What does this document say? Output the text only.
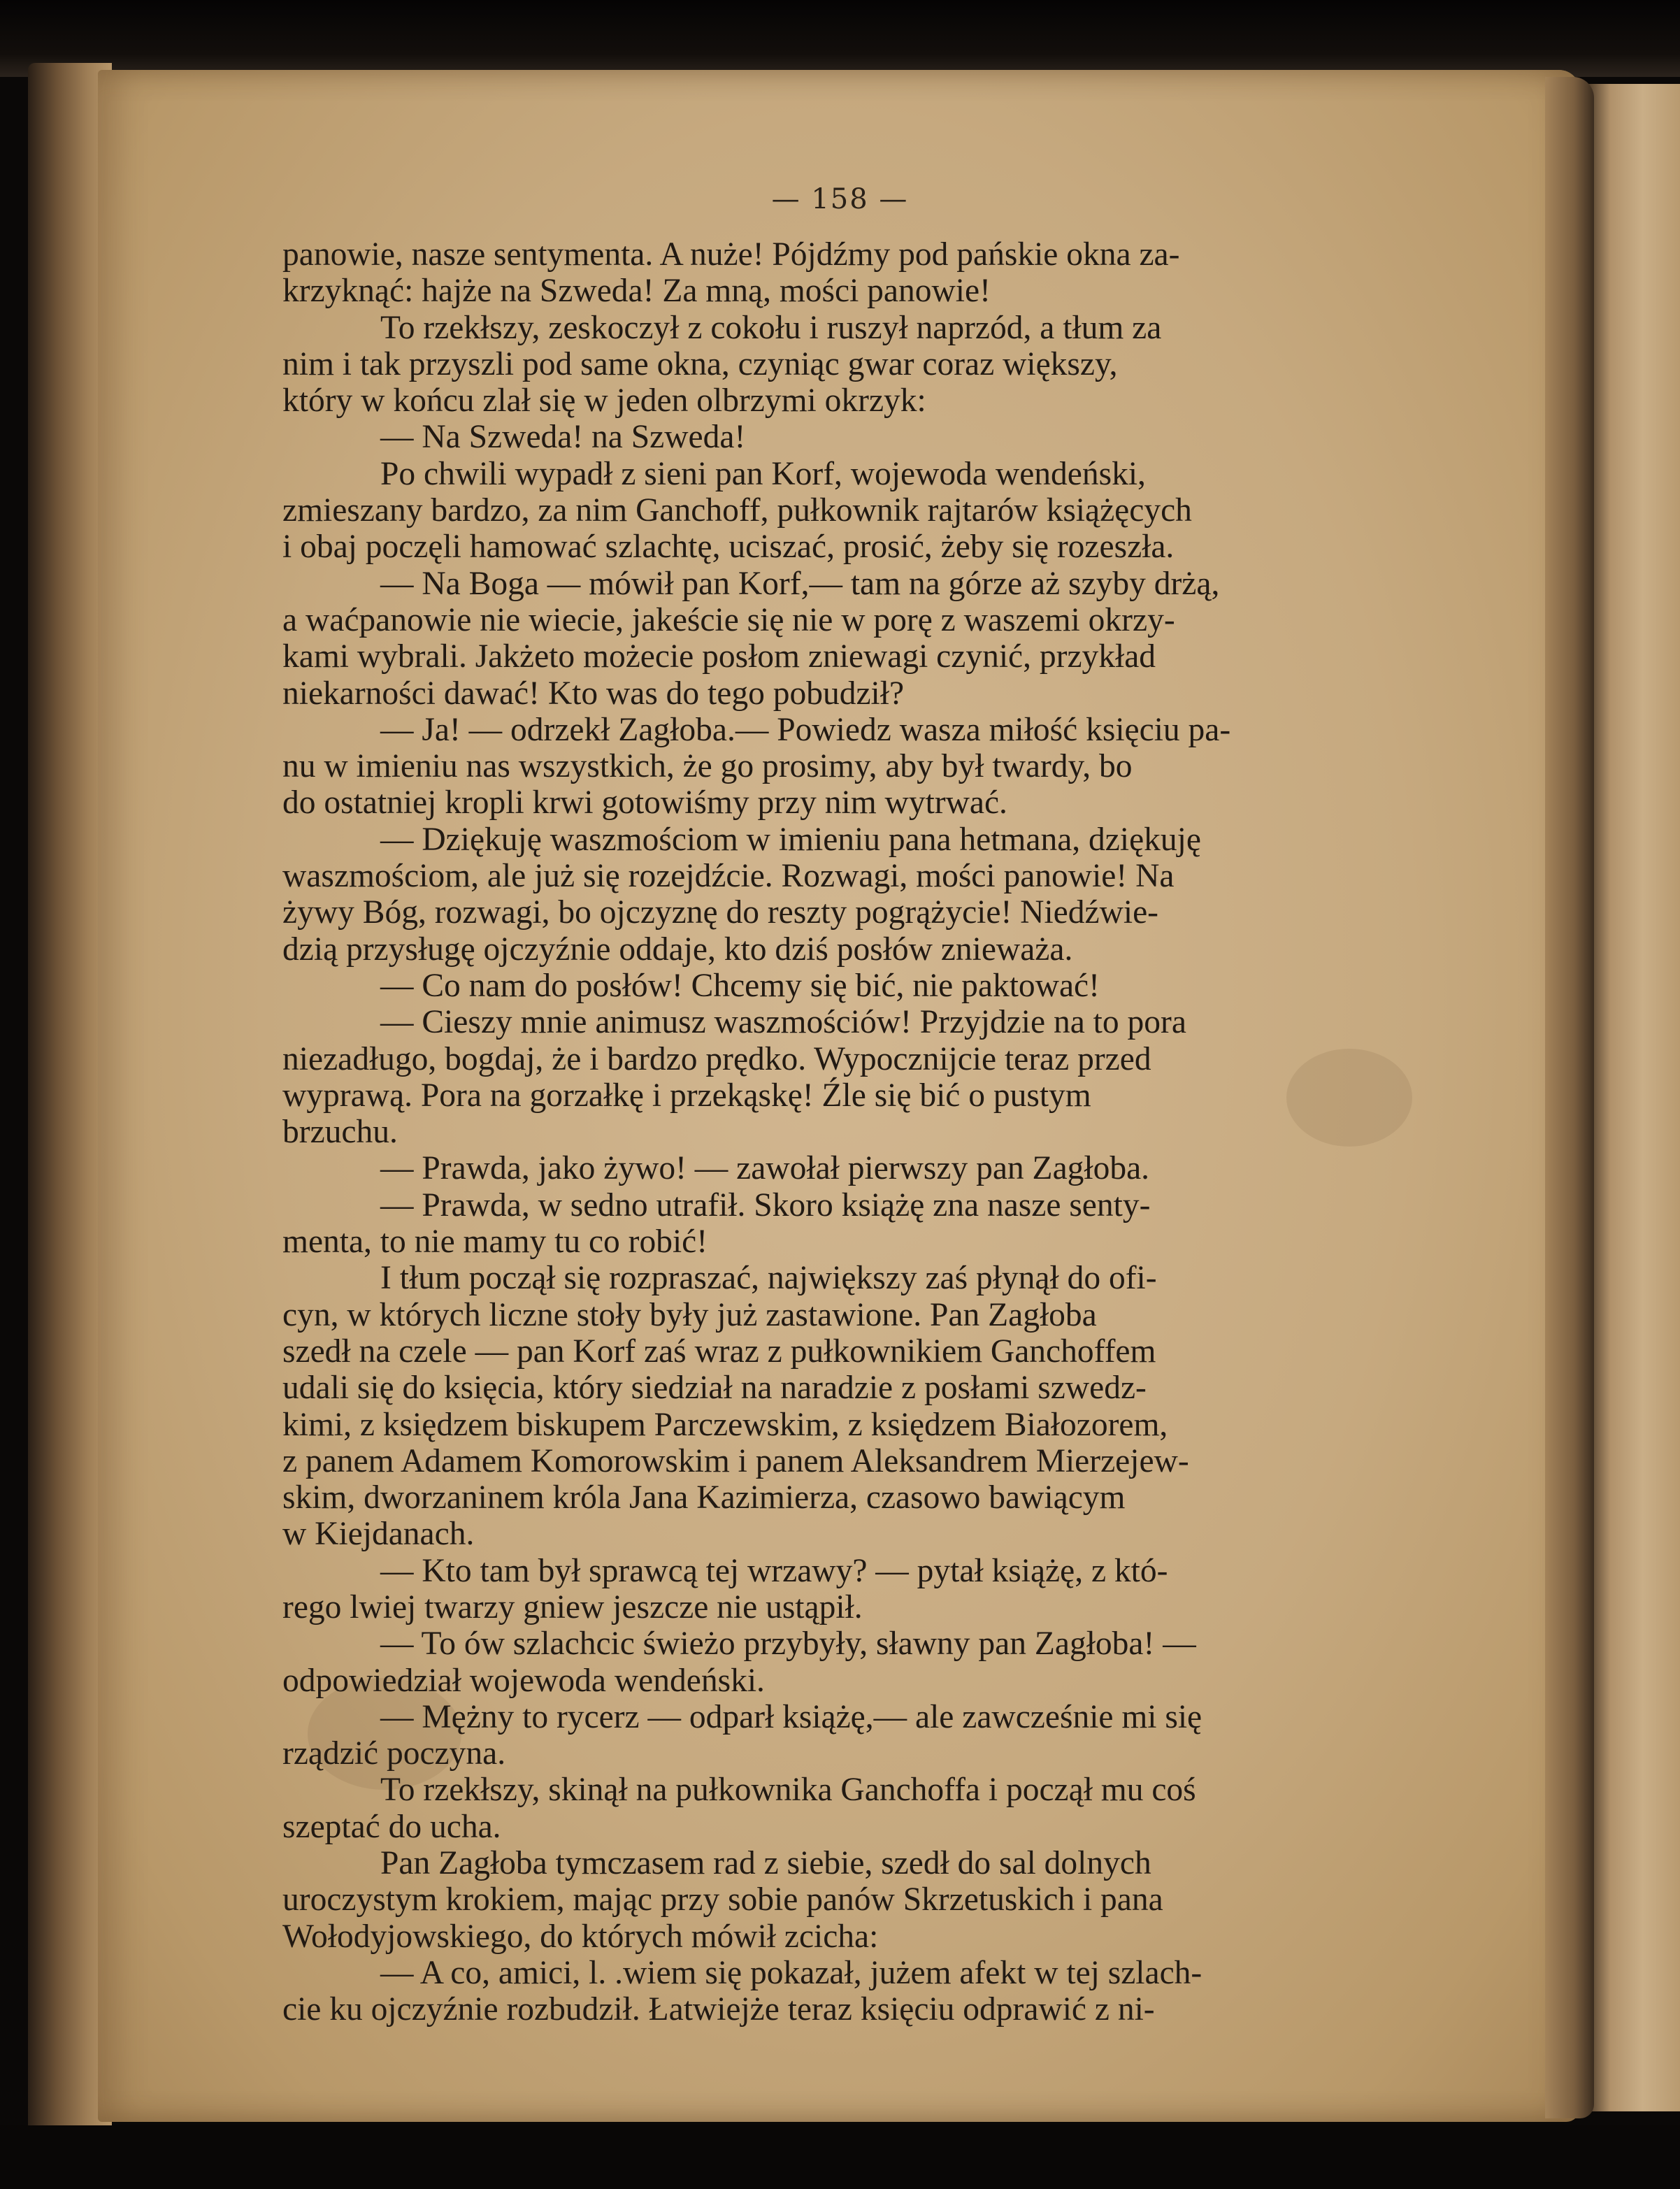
— 158 —
panowie, nasze sentymenta. A nuże! Pójdźmy pod pańskie okna za-
krzyknąć: hajże na Szweda! Za mną, mości panowie!
To rzekłszy, zeskoczył z cokołu i ruszył naprzód, a tłum za
nim i tak przyszli pod same okna, czyniąc gwar coraz większy,
który w końcu zlał się w jeden olbrzymi okrzyk:
— Na Szweda! na Szweda!
Po chwili wypadł z sieni pan Korf, wojewoda wendeński,
zmieszany bardzo, za nim Ganchoff, pułkownik rajtarów książęcych
i obaj poczęli hamować szlachtę, uciszać, prosić, żeby się rozeszła.
— Na Boga — mówił pan Korf,— tam na górze aż szyby drżą,
a waćpanowie nie wiecie, jakeście się nie w porę z waszemi okrzy-
kami wybrali. Jakżeto możecie posłom zniewagi czynić, przykład
niekarności dawać! Kto was do tego pobudził?
— Ja! — odrzekł Zagłoba.— Powiedz wasza miłość księciu pa-
nu w imieniu nas wszystkich, że go prosimy, aby był twardy, bo
do ostatniej kropli krwi gotowiśmy przy nim wytrwać.
— Dziękuję waszmościom w imieniu pana hetmana, dziękuję
waszmościom, ale już się rozejdźcie. Rozwagi, mości panowie! Na
żywy Bóg, rozwagi, bo ojczyznę do reszty pogrążycie! Niedźwie-
dzią przysługę ojczyźnie oddaje, kto dziś posłów znieważa.
— Co nam do posłów! Chcemy się bić, nie paktować!
— Cieszy mnie animusz waszmościów! Przyjdzie na to pora
niezadługo, bogdaj, że i bardzo prędko. Wypocznijcie teraz przed
wyprawą. Pora na gorzałkę i przekąskę! Źle się bić o pustym
brzuchu.
— Prawda, jako żywo! — zawołał pierwszy pan Zagłoba.
— Prawda, w sedno utrafił. Skoro książę zna nasze senty-
menta, to nie mamy tu co robić!
I tłum począł się rozpraszać, największy zaś płynął do ofi-
cyn, w których liczne stoły były już zastawione. Pan Zagłoba
szedł na czele — pan Korf zaś wraz z pułkownikiem Ganchoffem
udali się do księcia, który siedział na naradzie z posłami szwedz-
kimi, z księdzem biskupem Parczewskim, z księdzem Białozorem,
z panem Adamem Komorowskim i panem Aleksandrem Mierzejew-
skim, dworzaninem króla Jana Kazimierza, czasowo bawiącym
w Kiejdanach.
— Kto tam był sprawcą tej wrzawy? — pytał książę, z któ-
rego lwiej twarzy gniew jeszcze nie ustąpił.
— To ów szlachcic świeżo przybyły, sławny pan Zagłoba! —
odpowiedział wojewoda wendeński.
— Mężny to rycerz — odparł książę,— ale zawcześnie mi się
rządzić poczyna.
To rzekłszy, skinął na pułkownika Ganchoffa i począł mu coś
szeptać do ucha.
Pan Zagłoba tymczasem rad z siebie, szedł do sal dolnych
uroczystym krokiem, mając przy sobie panów Skrzetuskich i pana
Wołodyjowskiego, do których mówił zcicha:
— A co, amici, l. .wiem się pokazał, jużem afekt w tej szlach-
cie ku ojczyźnie rozbudził. Łatwiejże teraz księciu odprawić z ni-
